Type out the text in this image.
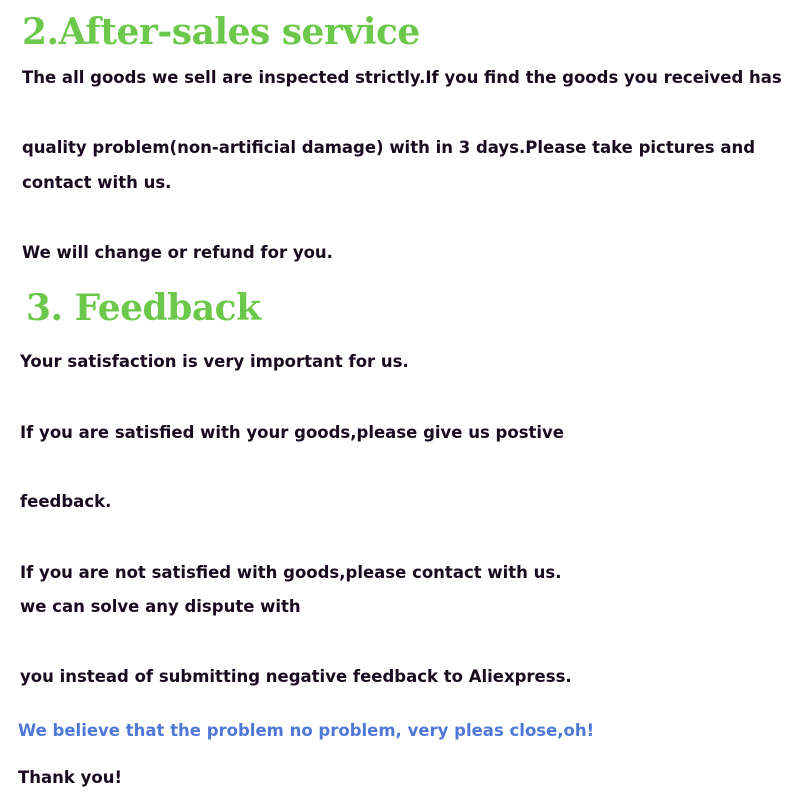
2.After-sales service

The all goods we sell are inspected strictly.If you find the goods you received has

quality problem(non-artificial damage) with in 3 days.Please take pictures and

contact with us.

We will change or refund for you.

3. Feedback

Your satisfaction is very important for us.

If you are satisfied with your goods,please give us postive

feedback.

If you are not satisfied with goods,please contact with us.

we can solve any dispute with

you instead of submitting negative feedback to Aliexpress.

We believe that the problem no problem, very pleas close,oh!

Thank you!
